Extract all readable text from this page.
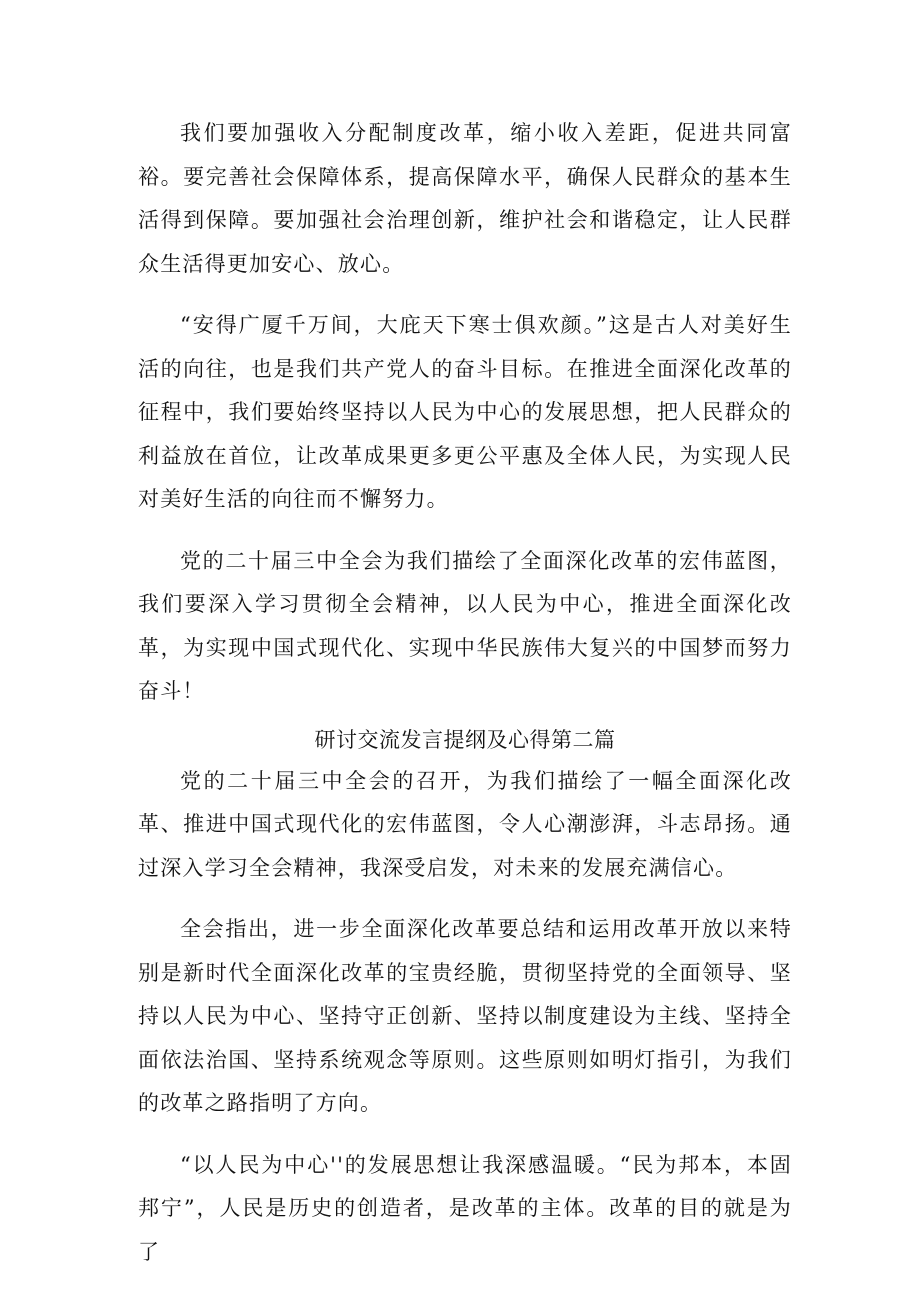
我们要加强收入分配制度改革，缩小收入差距，促进共同富裕。要完善社会保障体系，提高保障水平，确保人民群众的基本生活得到保障。要加强社会治理创新，维护社会和谐稳定，让人民群众生活得更加安心、放心。

“安得广厦千万间，大庇天下寒士俱欢颜。”这是古人对美好生活的向往，也是我们共产党人的奋斗目标。在推进全面深化改革的征程中，我们要始终坚持以人民为中心的发展思想，把人民群众的利益放在首位，让改革成果更多更公平惠及全体人民，为实现人民对美好生活的向往而不懈努力。

党的二十届三中全会为我们描绘了全面深化改革的宏伟蓝图，我们要深入学习贯彻全会精神，以人民为中心，推进全面深化改革，为实现中国式现代化、实现中华民族伟大复兴的中国梦而努力奋斗！

研讨交流发言提纲及心得第二篇

党的二十届三中全会的召开，为我们描绘了一幅全面深化改革、推进中国式现代化的宏伟蓝图，令人心潮澎湃，斗志昂扬。通过深入学习全会精神，我深受启发，对未来的发展充满信心。

全会指出，进一步全面深化改革要总结和运用改革开放以来特别是新时代全面深化改革的宝贵经脆，贯彻坚持党的全面领导、坚持以人民为中心、坚持守正创新、坚持以制度建设为主线、坚持全面依法治国、坚持系统观念等原则。这些原则如明灯指引，为我们的改革之路指明了方向。

“以人民为中心''的发展思想让我深感温暖。“民为邦本，本固邦宁”，人民是历史的创造者，是改革的主体。改革的目的就是为了
